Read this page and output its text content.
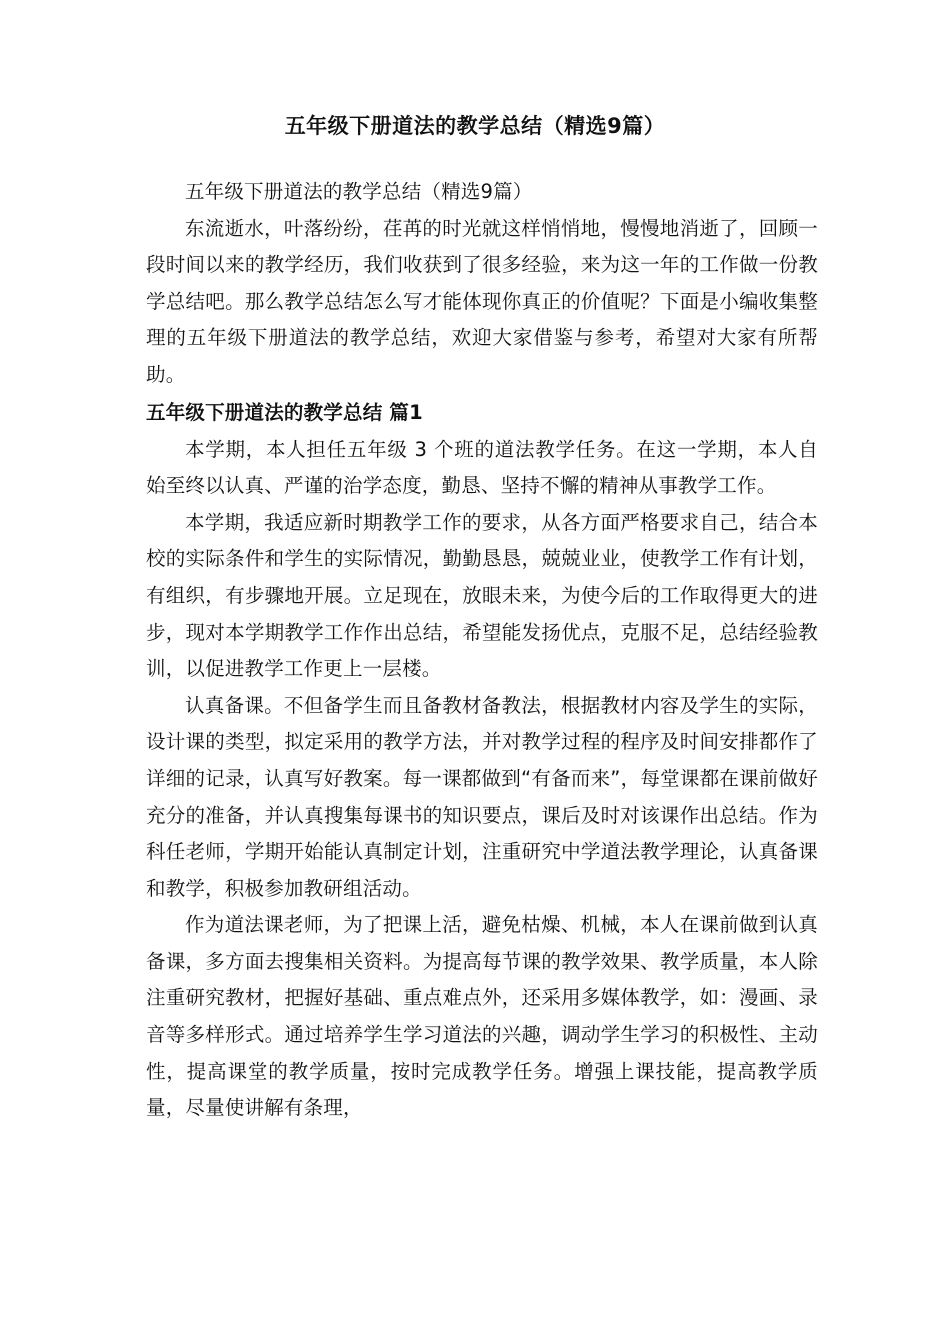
五年级下册道法的教学总结（精选9篇）

五年级下册道法的教学总结（精选9篇）

东流逝水，叶落纷纷，荏苒的时光就这样悄悄地，慢慢地消逝了，回顾一段时间以来的教学经历，我们收获到了很多经验，来为这一年的工作做一份教学总结吧。那么教学总结怎么写才能体现你真正的价值呢？下面是小编收集整理的五年级下册道法的教学总结，欢迎大家借鉴与参考，希望对大家有所帮助。

五年级下册道法的教学总结 篇1

本学期，本人担任五年级 3 个班的道法教学任务。在这一学期，本人自始至终以认真、严谨的治学态度，勤恳、坚持不懈的精神从事教学工作。

本学期，我适应新时期教学工作的要求，从各方面严格要求自己，结合本校的实际条件和学生的实际情况，勤勤恳恳，兢兢业业，使教学工作有计划，有组织，有步骤地开展。立足现在，放眼未来，为使今后的工作取得更大的进步，现对本学期教学工作作出总结，希望能发扬优点，克服不足，总结经验教训，以促进教学工作更上一层楼。

认真备课。不但备学生而且备教材备教法，根据教材内容及学生的实际，设计课的类型，拟定采用的教学方法，并对教学过程的程序及时间安排都作了详细的记录，认真写好教案。每一课都做到“有备而来”，每堂课都在课前做好充分的准备，并认真搜集每课书的知识要点，课后及时对该课作出总结。作为科任老师，学期开始能认真制定计划，注重研究中学道法教学理论，认真备课和教学，积极参加教研组活动。

作为道法课老师，为了把课上活，避免枯燥、机械，本人在课前做到认真备课，多方面去搜集相关资料。为提高每节课的教学效果、教学质量，本人除注重研究教材，把握好基础、重点难点外，还采用多媒体教学，如：漫画、录音等多样形式。通过培养学生学习道法的兴趣，调动学生学习的积极性、主动性，提高课堂的教学质量，按时完成教学任务。增强上课技能，提高教学质量，尽量使讲解有条理，
